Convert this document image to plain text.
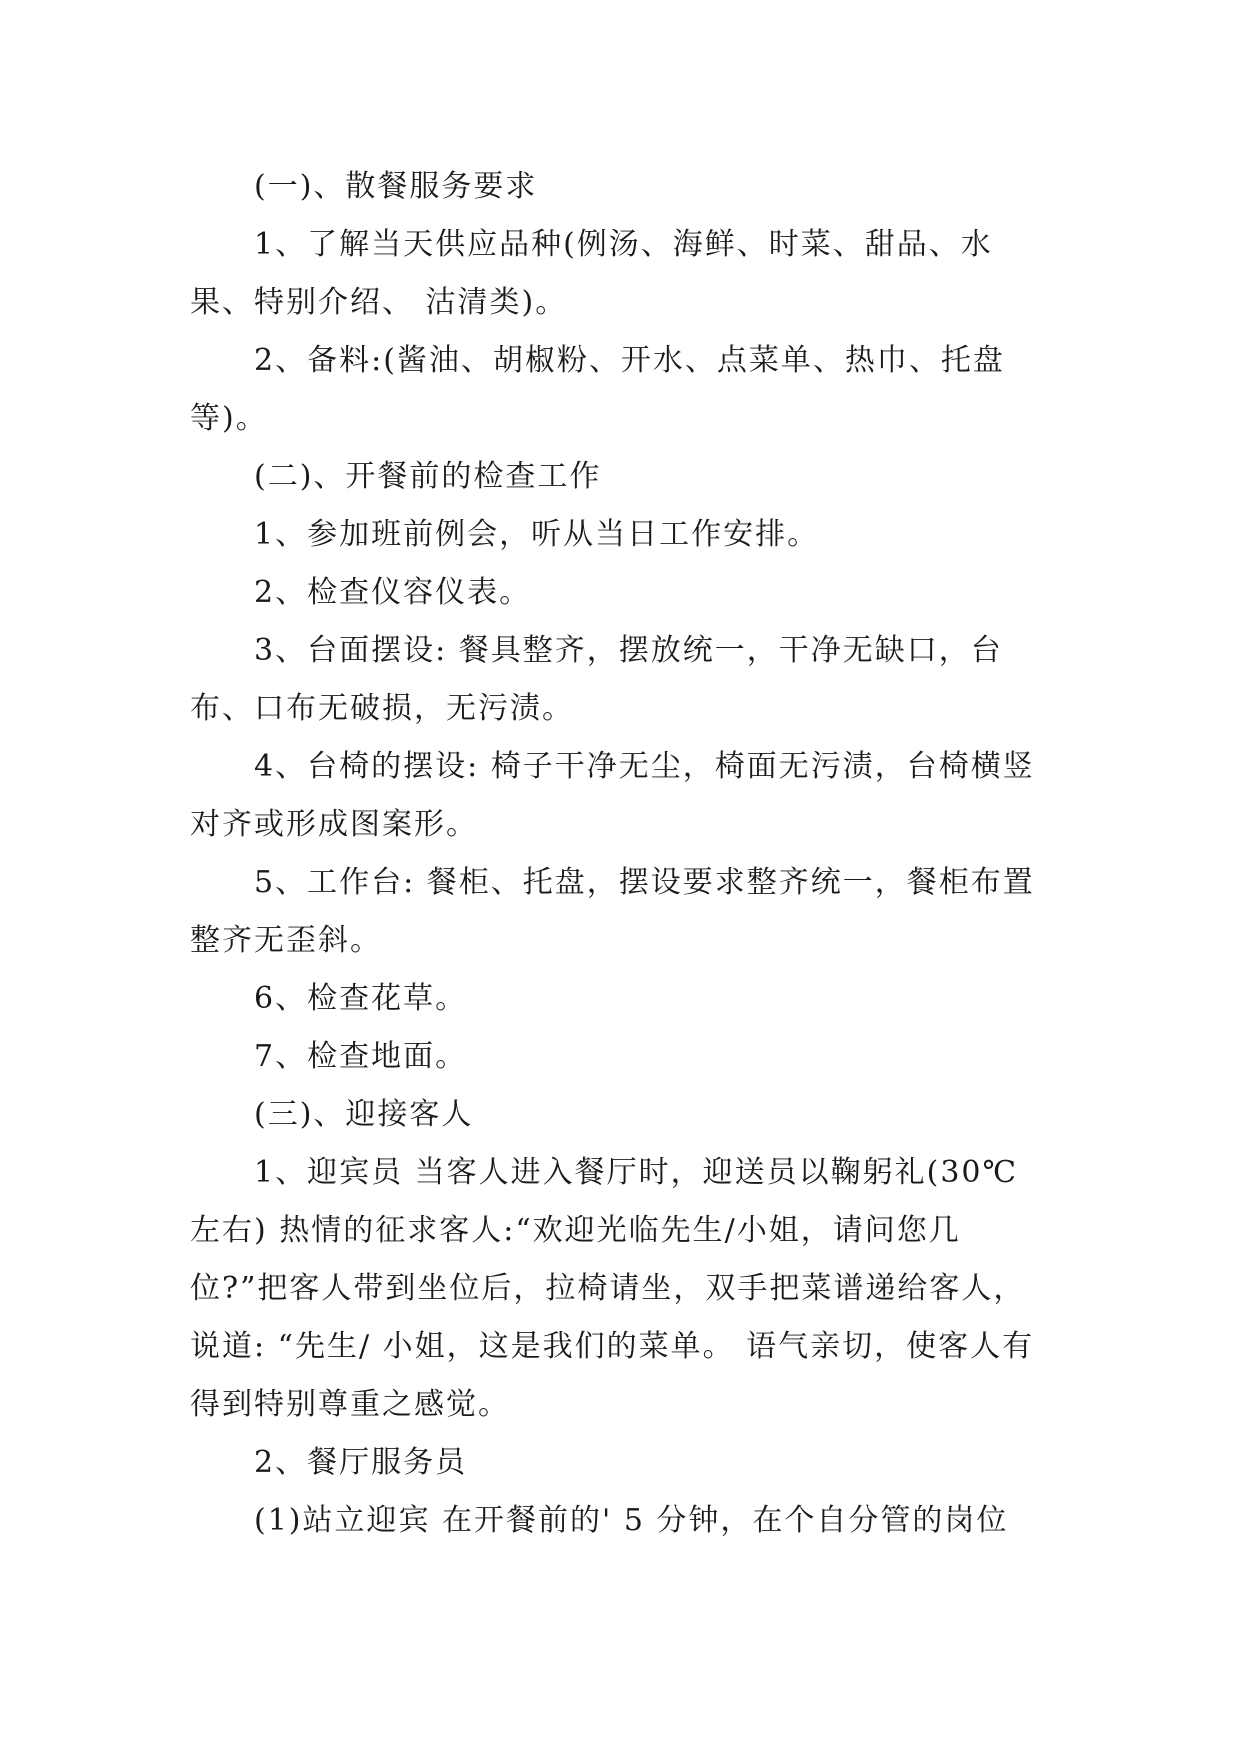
(一)、散餐服务要求

1、了解当天供应品种(例汤、海鲜、时菜、甜品、水果、特别介绍、 沽清类)。

2、备料:(酱油、胡椒粉、开水、点菜单、热巾、托盘等)。

(二)、开餐前的检查工作

1、参加班前例会，听从当日工作安排。

2、检查仪容仪表。

3、台面摆设: 餐具整齐，摆放统一，干净无缺口，台布、口布无破损，无污渍。

4、台椅的摆设: 椅子干净无尘，椅面无污渍，台椅横竖对齐或形成图案形。

5、工作台: 餐柜、托盘，摆设要求整齐统一，餐柜布置整齐无歪斜。

6、检查花草。

7、检查地面。

(三)、迎接客人

1、迎宾员 当客人进入餐厅时，迎送员以鞠躬礼(30℃左右) 热情的征求客人:“欢迎光临先生/小姐，请问您几位?”把客人带到坐位后，拉椅请坐，双手把菜谱递给客人，说道: “先生/ 小姐，这是我们的菜单。 语气亲切，使客人有得到特别尊重之感觉。

2、餐厅服务员

(1)站立迎宾 在开餐前的' 5 分钟，在个自分管的岗位
